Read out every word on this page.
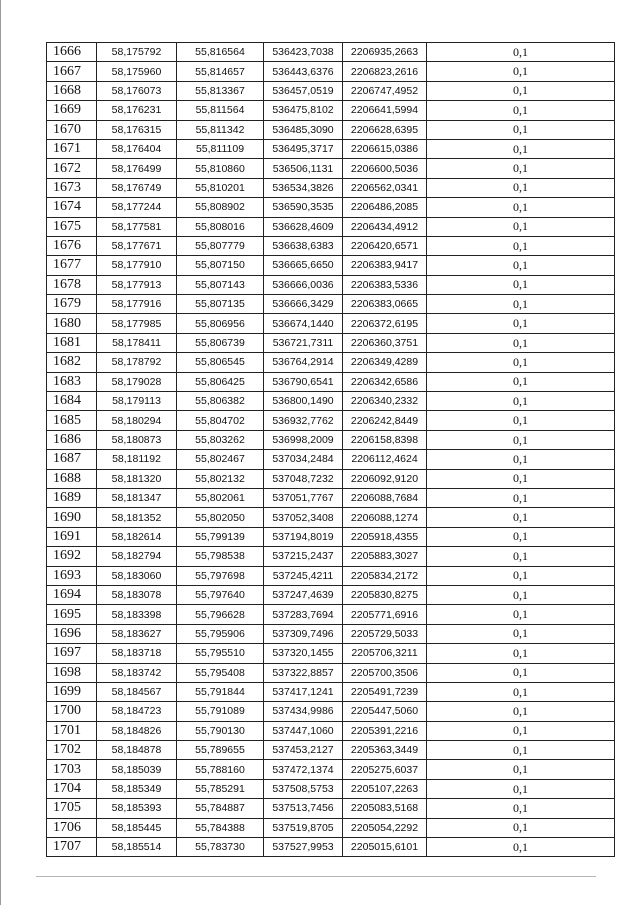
1666	58,175792	55,816564	536423,7038	2206935,2663	0,1
1667	58,175960	55,814657	536443,6376	2206823,2616	0,1
1668	58,176073	55,813367	536457,0519	2206747,4952	0,1
1669	58,176231	55,811564	536475,8102	2206641,5994	0,1
1670	58,176315	55,811342	536485,3090	2206628,6395	0,1
1671	58,176404	55,811109	536495,3717	2206615,0386	0,1
1672	58,176499	55,810860	536506,1131	2206600,5036	0,1
1673	58,176749	55,810201	536534,3826	2206562,0341	0,1
1674	58,177244	55,808902	536590,3535	2206486,2085	0,1
1675	58,177581	55,808016	536628,4609	2206434,4912	0,1
1676	58,177671	55,807779	536638,6383	2206420,6571	0,1
1677	58,177910	55,807150	536665,6650	2206383,9417	0,1
1678	58,177913	55,807143	536666,0036	2206383,5336	0,1
1679	58,177916	55,807135	536666,3429	2206383,0665	0,1
1680	58,177985	55,806956	536674,1440	2206372,6195	0,1
1681	58,178411	55,806739	536721,7311	2206360,3751	0,1
1682	58,178792	55,806545	536764,2914	2206349,4289	0,1
1683	58,179028	55,806425	536790,6541	2206342,6586	0,1
1684	58,179113	55,806382	536800,1490	2206340,2332	0,1
1685	58,180294	55,804702	536932,7762	2206242,8449	0,1
1686	58,180873	55,803262	536998,2009	2206158,8398	0,1
1687	58,181192	55,802467	537034,2484	2206112,4624	0,1
1688	58,181320	55,802132	537048,7232	2206092,9120	0,1
1689	58,181347	55,802061	537051,7767	2206088,7684	0,1
1690	58,181352	55,802050	537052,3408	2206088,1274	0,1
1691	58,182614	55,799139	537194,8019	2205918,4355	0,1
1692	58,182794	55,798538	537215,2437	2205883,3027	0,1
1693	58,183060	55,797698	537245,4211	2205834,2172	0,1
1694	58,183078	55,797640	537247,4639	2205830,8275	0,1
1695	58,183398	55,796628	537283,7694	2205771,6916	0,1
1696	58,183627	55,795906	537309,7496	2205729,5033	0,1
1697	58,183718	55,795510	537320,1455	2205706,3211	0,1
1698	58,183742	55,795408	537322,8857	2205700,3506	0,1
1699	58,184567	55,791844	537417,1241	2205491,7239	0,1
1700	58,184723	55,791089	537434,9986	2205447,5060	0,1
1701	58,184826	55,790130	537447,1060	2205391,2216	0,1
1702	58,184878	55,789655	537453,2127	2205363,3449	0,1
1703	58,185039	55,788160	537472,1374	2205275,6037	0,1
1704	58,185349	55,785291	537508,5753	2205107,2263	0,1
1705	58,185393	55,784887	537513,7456	2205083,5168	0,1
1706	58,185445	55,784388	537519,8705	2205054,2292	0,1
1707	58,185514	55,783730	537527,9953	2205015,6101	0,1
